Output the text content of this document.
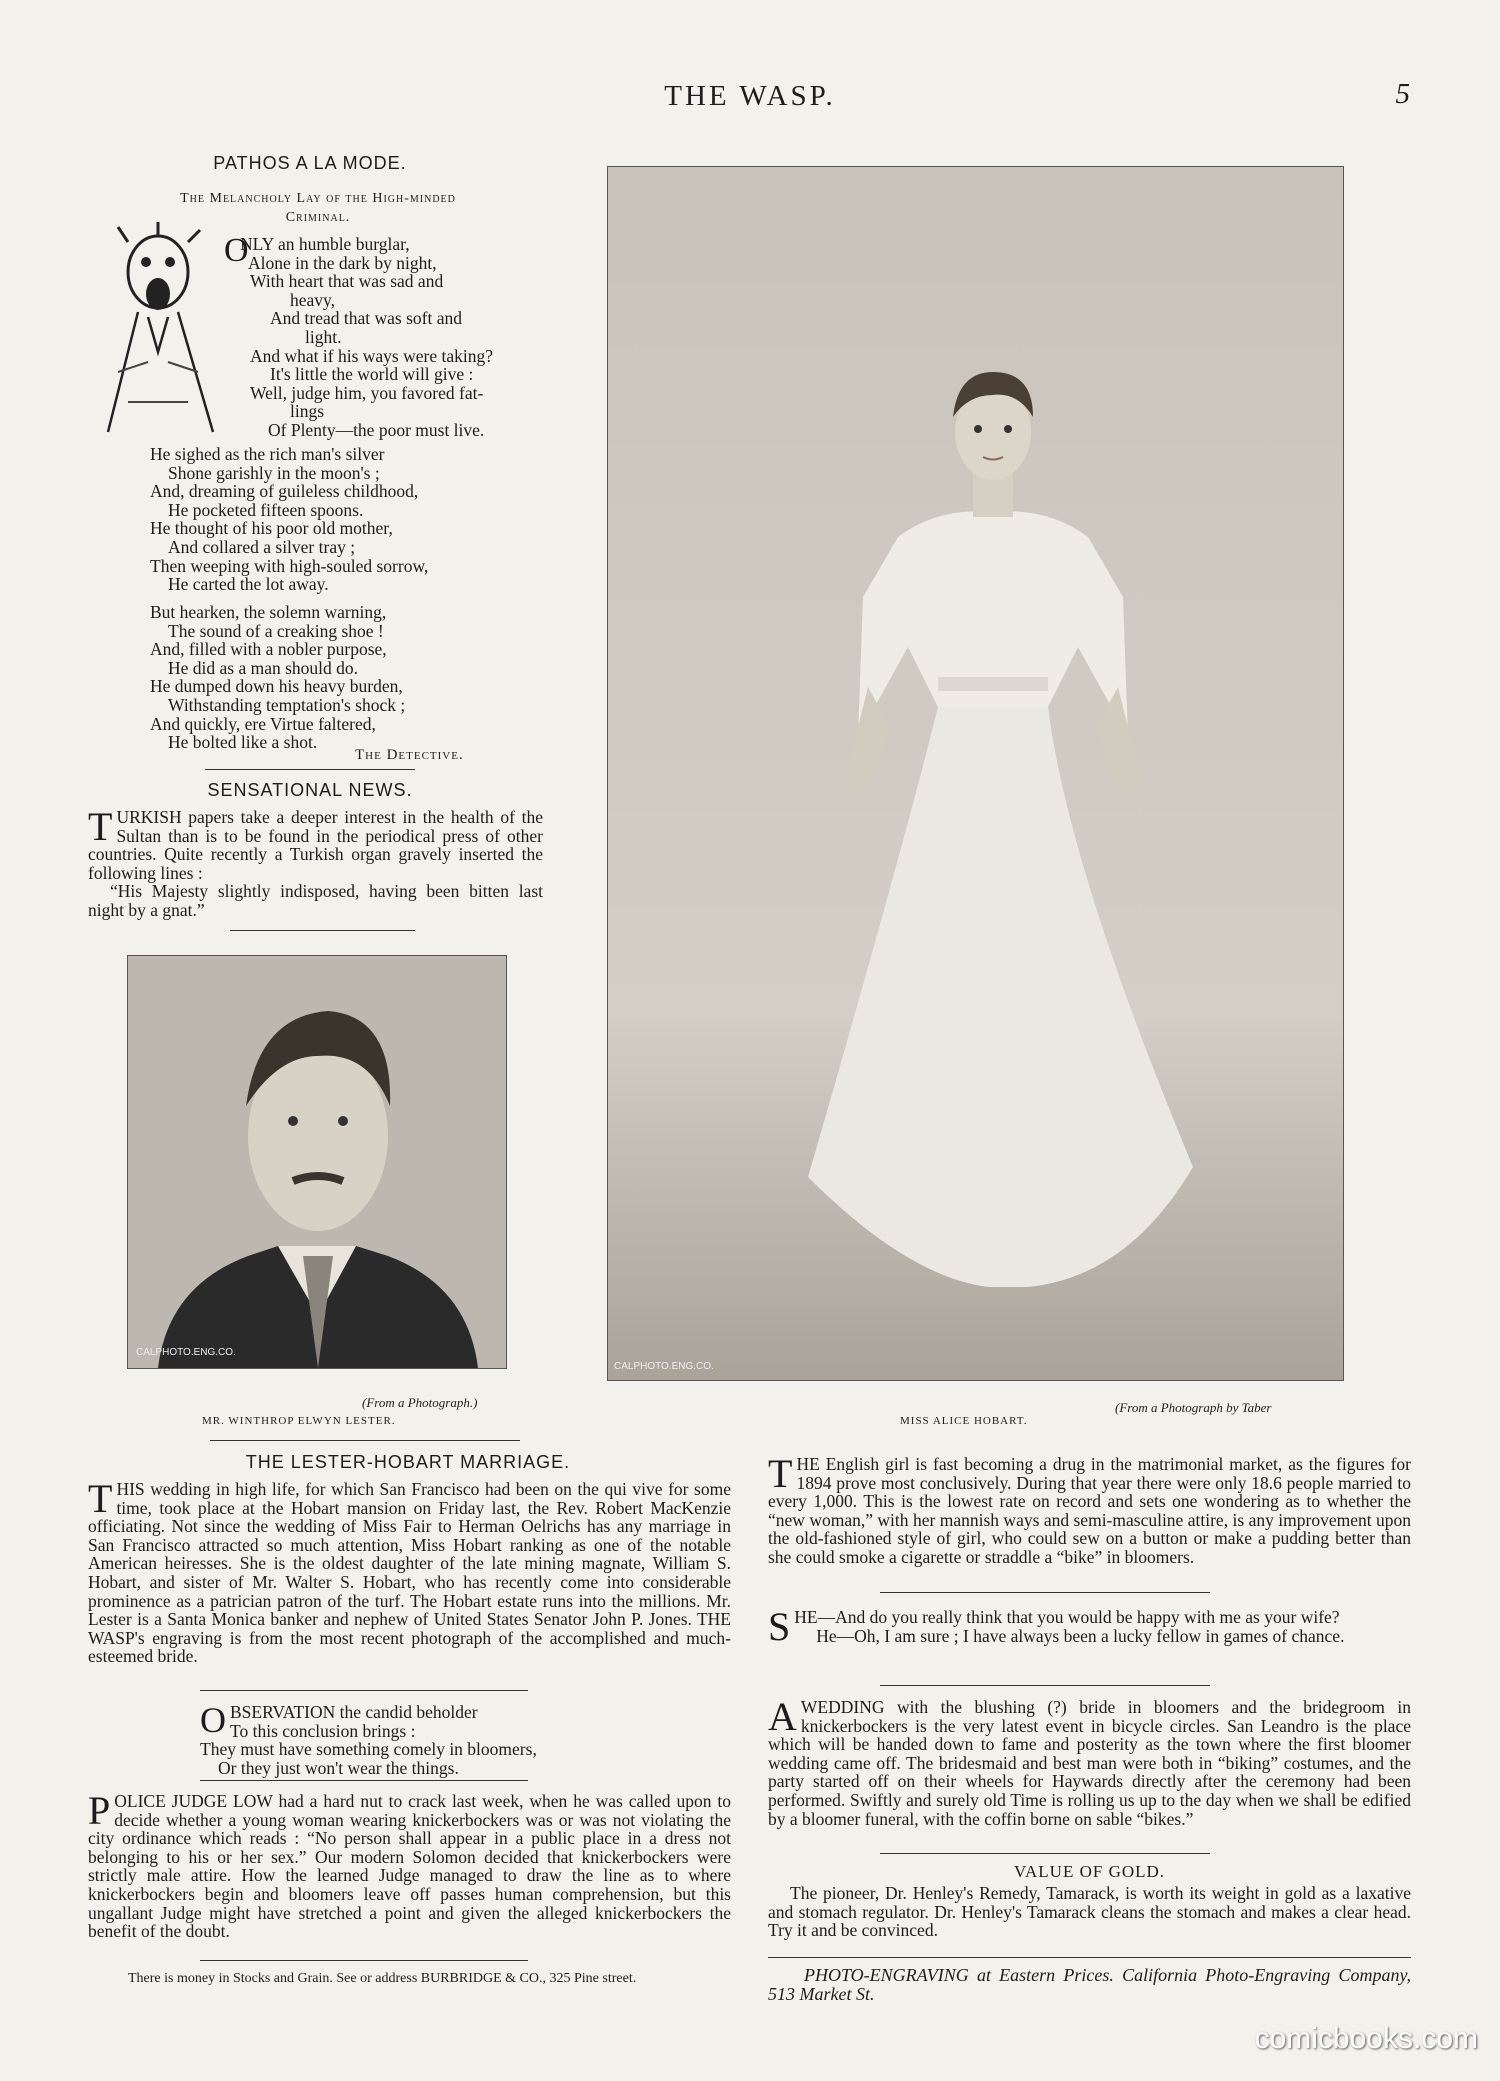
THE WASP.	5
PATHOS A LA MODE.
The Melancholy Lay of the High-minded
Criminal.
O
NLY an humble burglar,
Alone in the dark by night,
With heart that was sad and
heavy,
And tread that was soft and
light.
And what if his ways were taking?
It's little the world will give :
Well, judge him, you favored fat-
lings
Of Plenty—the poor must live.
He sighed as the rich man's silver
Shone garishly in the moon's ;
And, dreaming of guileless childhood,
He pocketed fifteen spoons.
He thought of his poor old mother,
And collared a silver tray ;
Then weeping with high-souled sorrow,
He carted the lot away.
But hearken, the solemn warning,
The sound of a creaking shoe !
And, filled with a nobler purpose,
He did as a man should do.
He dumped down his heavy burden,
Withstanding temptation's shock ;
And quickly, ere Virtue faltered,
He bolted like a shot.
The Detective.
SENSATIONAL NEWS.
T URKISH papers take a deeper interest in the health of the Sultan than is to be found in the periodical press of other countries. Quite recently a Turkish organ gravely inserted the following lines :

“His Majesty slightly indisposed, having been bitten last night by a gnat.”

CALPHOTO.ENG.CO.
(From a Photograph.)
MR. WINTHROP ELWYN LESTER.
CALPHOTO.ENG.CO.
(From a Photograph by Taber
MISS ALICE HOBART.
THE LESTER-HOBART MARRIAGE.
T HIS wedding in high life, for which San Francisco had been on the qui vive for some time, took place at the Hobart mansion on Friday last, the Rev. Robert MacKenzie officiating. Not since the wedding of Miss Fair to Herman Oelrichs has any marriage in San Francisco attracted so much attention, Miss Hobart ranking as one of the notable American heiresses. She is the oldest daughter of the late mining magnate, William S. Hobart, and sister of Mr. Walter S. Hobart, who has recently come into considerable prominence as a patrician patron of the turf. The Hobart estate runs into the millions. Mr. Lester is a Santa Monica banker and nephew of United States Senator John P. Jones. THE WASP's engraving is from the most recent photograph of the accomplished and much-esteemed bride.

O BSERVATION the candid beholder
To this conclusion brings :
They must have something comely in bloomers,
Or they just won't wear the things.
P OLICE JUDGE LOW had a hard nut to crack last week, when he was called upon to decide whether a young woman wearing knickerbockers was or was not violating the city ordinance which reads : “No person shall appear in a public place in a dress not belonging to his or her sex.” Our modern Solomon decided that knickerbockers were strictly male attire. How the learned Judge managed to draw the line as to where knickerbockers begin and bloomers leave off passes human comprehension, but this ungallant Judge might have stretched a point and given the alleged knickerbockers the benefit of the doubt.

There is money in Stocks and Grain. See or address BURBRIDGE & CO., 325 Pine street.
T HE English girl is fast becoming a drug in the matrimonial market, as the figures for 1894 prove most conclusively. During that year there were only 18.6 people married to every 1,000. This is the lowest rate on record and sets one wondering as to whether the “new woman,” with her mannish ways and semi-masculine attire, is any improvement upon the old-fashioned style of girl, who could sew on a button or make a pudding better than she could smoke a cigarette or straddle a “bike” in bloomers.

S HE—And do you really think that you would be happy with me as your wife?

He—Oh, I am sure ; I have always been a lucky fellow in games of chance.

A WEDDING with the blushing (?) bride in bloomers and the bridegroom in knickerbockers is the very latest event in bicycle circles. San Leandro is the place which will be handed down to fame and posterity as the town where the first bloomer wedding came off. The bridesmaid and best man were both in “biking” costumes, and the party started off on their wheels for Haywards directly after the ceremony had been performed. Swiftly and surely old Time is rolling us up to the day when we shall be edified by a bloomer funeral, with the coffin borne on sable “bikes.”

VALUE OF GOLD.
The pioneer, Dr. Henley's Remedy, Tamarack, is worth its weight in gold as a laxative and stomach regulator. Dr. Henley's Tamarack cleans the stomach and makes a clear head. Try it and be convinced.
PHOTO-ENGRAVING at Eastern Prices. California Photo-Engraving Company, 513 Market St.
comicbooks.com
